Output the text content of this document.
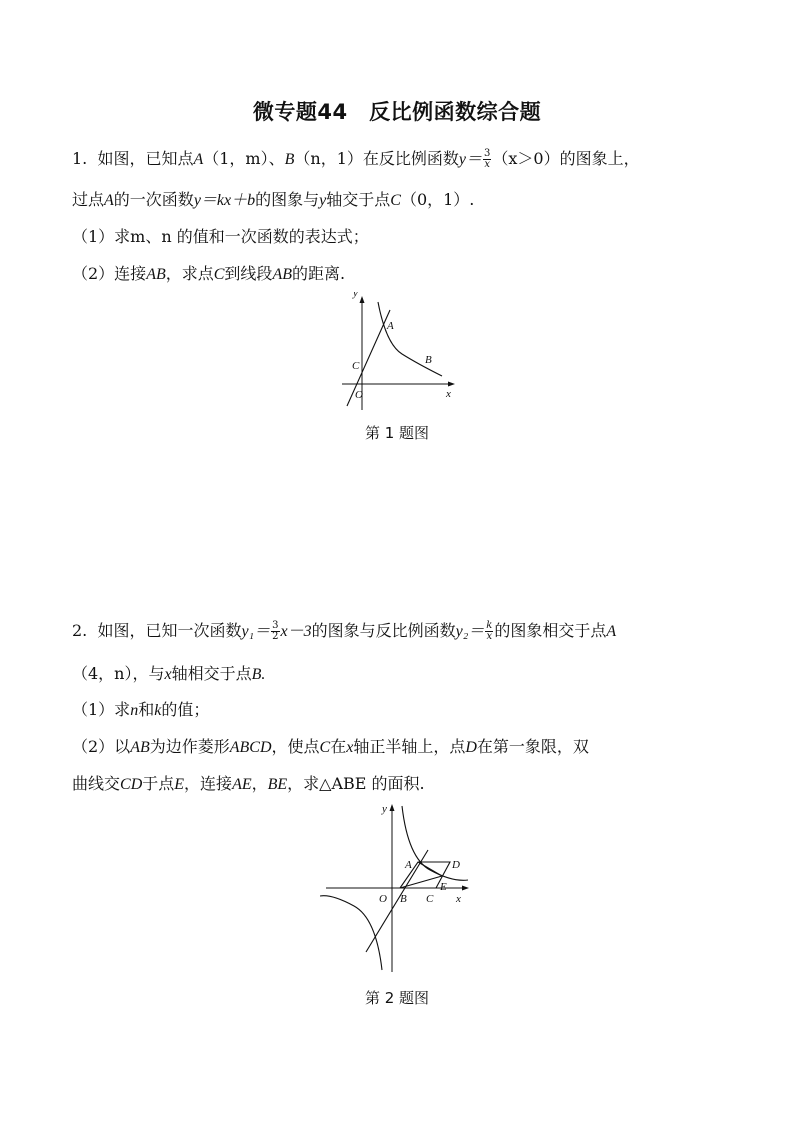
微专题44　反比例函数综合题
1. 如图，已知点A（1，m）、B（n，1）在反比例函数$y= \frac{3}{x} (x>0)$的图象上，
过点A的一次函数y＝kx＋b的图象与y轴交于点C（0，1）.
（1）求m、n 的值和一次函数的表达式；
（2）连接AB，求点C到线段AB的距离.
y
x
A
B
C
O
第 1 题图
2. 如图，已知一次函数$y_1= \frac{3}{2} x-3$的图象与反比例函数$y_2= \frac{k}{x}$ 的图象相交于点A
（4，n），与x轴相交于点B.
（1）求n和k的值；
（2）以AB为边作菱形ABCD，使点C在x轴正半轴上，点D在第一象限，双
曲线交CD于点E，连接AE，BE，求△ABE 的面积.
y
x
A
B C
D
E
O
第 2 题图
